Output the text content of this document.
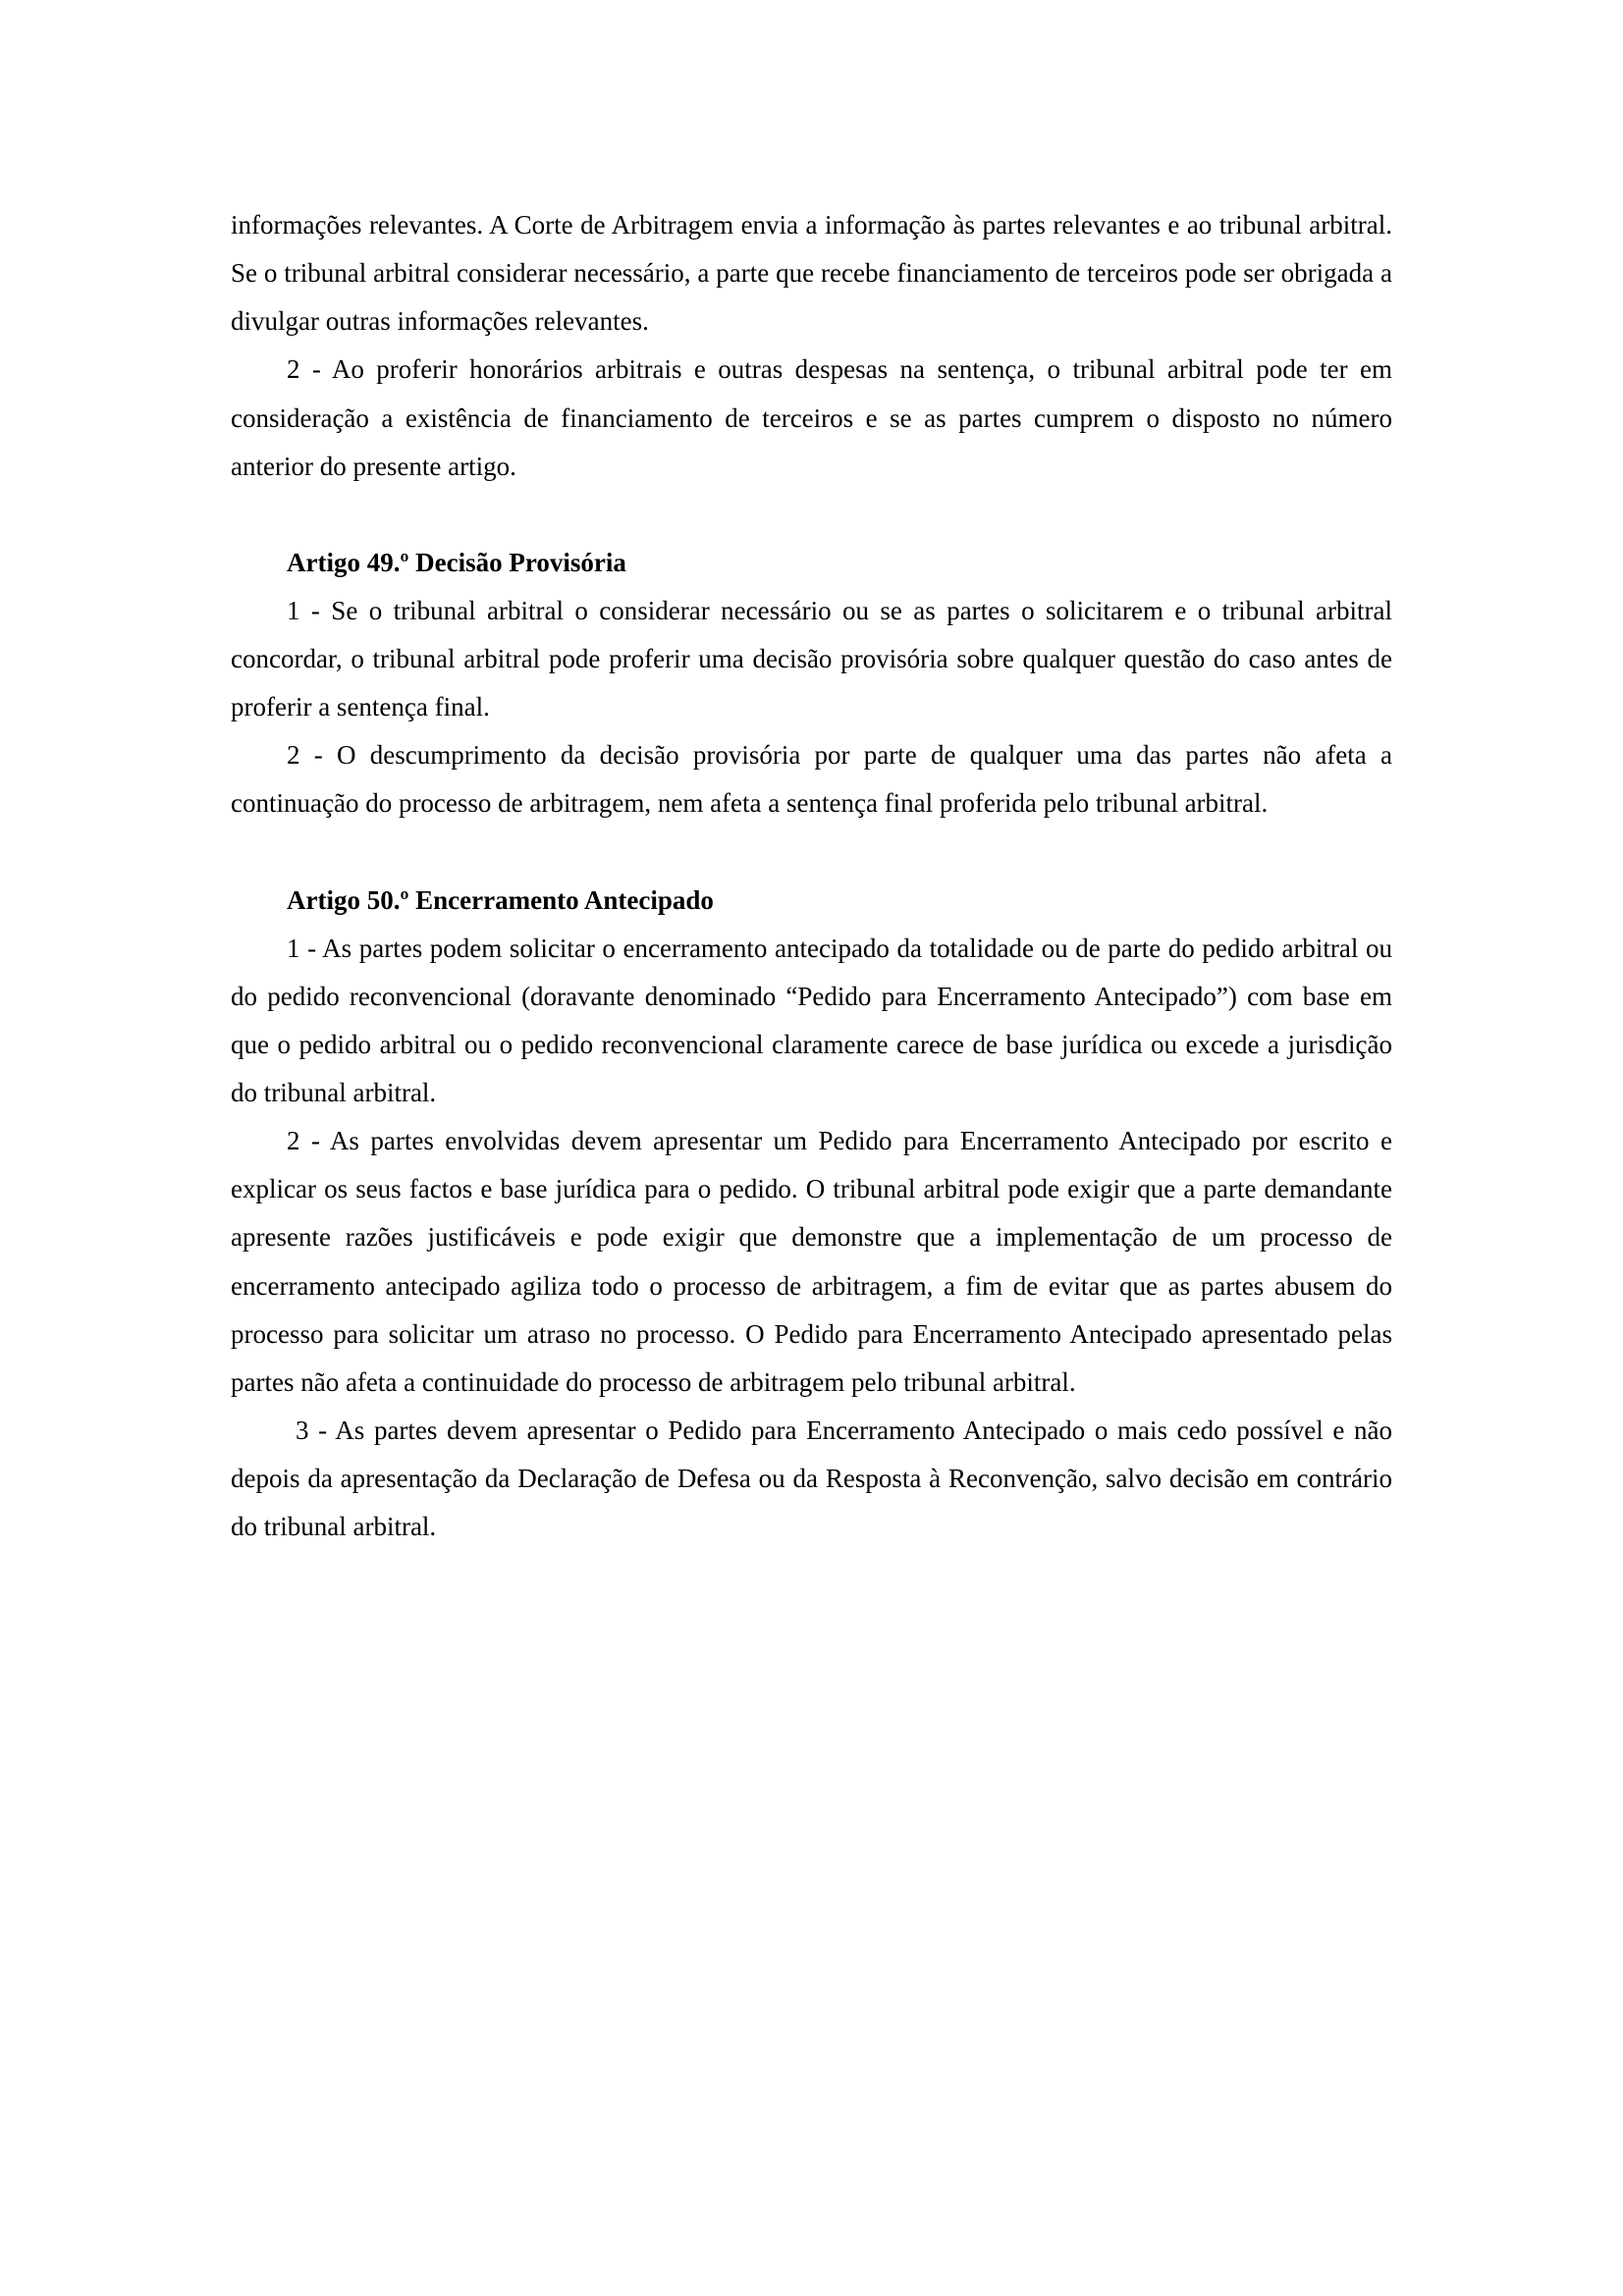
informações relevantes. A Corte de Arbitragem envia a informação às partes relevantes e ao tribunal arbitral. Se o tribunal arbitral considerar necessário, a parte que recebe financiamento de terceiros pode ser obrigada a divulgar outras informações relevantes.

2 - Ao proferir honorários arbitrais e outras despesas na sentença, o tribunal arbitral pode ter em consideração a existência de financiamento de terceiros e se as partes cumprem o disposto no número anterior do presente artigo.

Artigo 49.º Decisão Provisória

1 - Se o tribunal arbitral o considerar necessário ou se as partes o solicitarem e o tribunal arbitral concordar, o tribunal arbitral pode proferir uma decisão provisória sobre qualquer questão do caso antes de proferir a sentença final.

2 - O descumprimento da decisão provisória por parte de qualquer uma das partes não afeta a continuação do processo de arbitragem, nem afeta a sentença final proferida pelo tribunal arbitral.

Artigo 50.º Encerramento Antecipado

1 - As partes podem solicitar o encerramento antecipado da totalidade ou de parte do pedido arbitral ou do pedido reconvencional (doravante denominado “Pedido para Encerramento Antecipado”) com base em que o pedido arbitral ou o pedido reconvencional claramente carece de base jurídica ou excede a jurisdição do tribunal arbitral.

2 - As partes envolvidas devem apresentar um Pedido para Encerramento Antecipado por escrito e explicar os seus factos e base jurídica para o pedido. O tribunal arbitral pode exigir que a parte demandante apresente razões justificáveis e pode exigir que demonstre que a implementação de um processo de encerramento antecipado agiliza todo o processo de arbitragem, a fim de evitar que as partes abusem do processo para solicitar um atraso no processo. O Pedido para Encerramento Antecipado apresentado pelas partes não afeta a continuidade do processo de arbitragem pelo tribunal arbitral.

3 - As partes devem apresentar o Pedido para Encerramento Antecipado o mais cedo possível e não depois da apresentação da Declaração de Defesa ou da Resposta à Reconvenção, salvo decisão em contrário do tribunal arbitral.
